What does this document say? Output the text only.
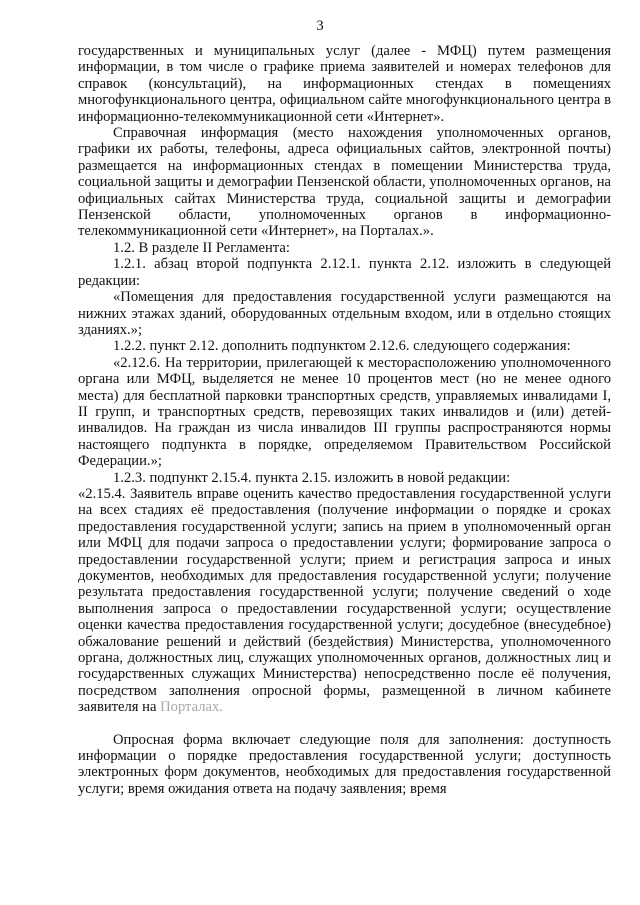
3

государственных и муниципальных услуг (далее - МФЦ) путем размещения информации, в том числе о графике приема заявителей и номерах телефонов для справок (консультаций), на информационных стендах в помещениях многофункционального центра, официальном сайте многофункционального центра в информационно-телекоммуникационной сети «Интернет».

Справочная информация (место нахождения уполномоченных органов, графики их работы, телефоны, адреса официальных сайтов, электронной почты) размещается на информационных стендах в помещении Министерства труда, социальной защиты и демографии Пензенской области, уполномоченных органов, на официальных сайтах Министерства труда, социальной защиты и демографии Пензенской области, уполномоченных органов в информационно-телекоммуникационной сети «Интернет», на Порталах.».

1.2. В разделе II Регламента:

1.2.1. абзац второй подпункта 2.12.1. пункта 2.12. изложить в следующей редакции:

«Помещения для предоставления государственной услуги размещаются на нижних этажах зданий, оборудованных отдельным входом, или в отдельно стоящих зданиях.»;

1.2.2. пункт 2.12. дополнить подпунктом 2.12.6. следующего содержания:

«2.12.6. На территории, прилегающей к месторасположению уполномоченного органа или МФЦ, выделяется не менее 10 процентов мест (но не менее одного места) для бесплатной парковки транспортных средств, управляемых инвалидами I, II групп, и транспортных средств, перевозящих таких инвалидов и (или) детей-инвалидов. На граждан из числа инвалидов III группы распространяются нормы настоящего подпункта в порядке, определяемом Правительством Российской Федерации.»;

1.2.3. подпункт 2.15.4. пункта 2.15. изложить в новой редакции:

«2.15.4. Заявитель вправе оценить качество предоставления государственной услуги на всех стадиях её предоставления (получение информации о порядке и сроках предоставления государственной услуги; запись на прием в уполномоченный орган или МФЦ для подачи запроса о предоставлении услуги; формирование запроса о предоставлении государственной услуги; прием и регистрация запроса и иных документов, необходимых для предоставления государственной услуги; получение результата предоставления государственной услуги; получение сведений о ходе выполнения запроса о предоставлении государственной услуги; осуществление оценки качества предоставления государственной услуги; досудебное (внесудебное) обжалование решений и действий (бездействия) Министерства, уполномоченного органа, должностных лиц, служащих уполномоченных органов, должностных лиц и государственных служащих Министерства) непосредственно после её получения, посредством заполнения опросной формы, размещенной в личном кабинете заявителя на Порталах.

Опросная форма включает следующие поля для заполнения: доступность информации о порядке предоставления государственной услуги; доступность электронных форм документов, необходимых для предоставления государственной услуги; время ожидания ответа на подачу заявления; время
